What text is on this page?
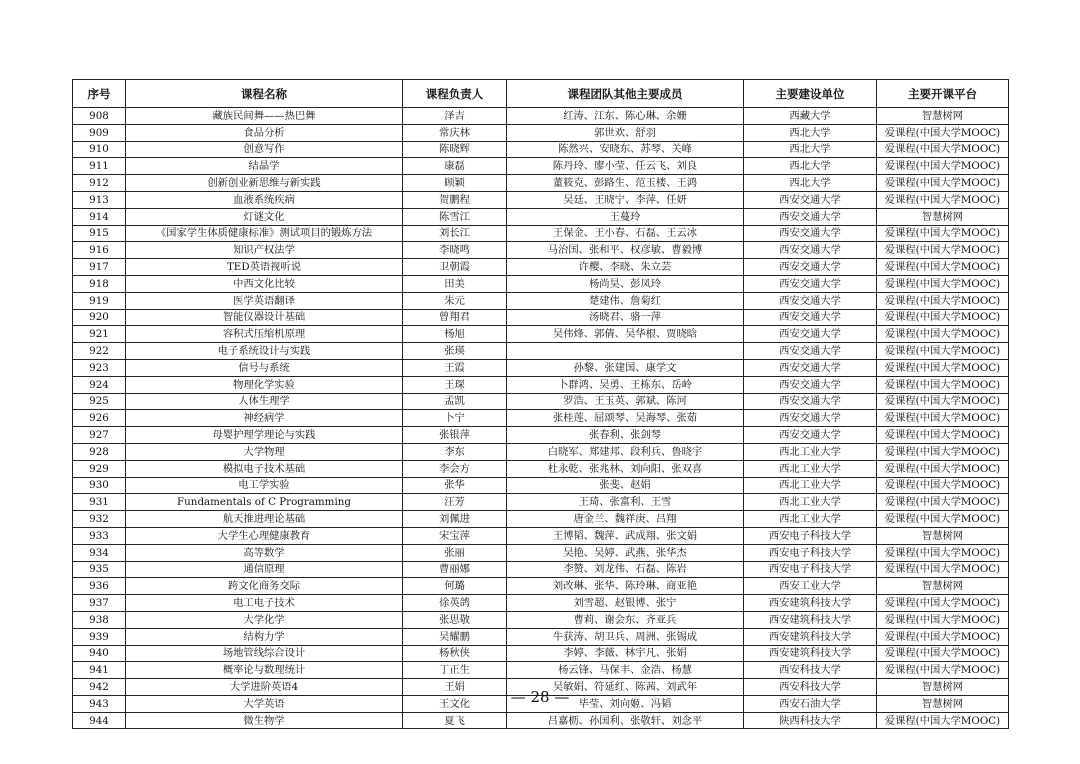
序号	课程名称	课程负责人	课程团队其他主要成员	主要建设单位	主要开课平台
908	藏族民间舞——热巴舞	泽吉	红涛、江东、陈心琳、余姗	西藏大学	智慧树网
909	食品分析	常庆林	郭世欢、舒羽	西北大学	爱课程(中国大学MOOC)
910	创意写作	陈晓辉	陈然兴、安晓东、苏琴、关峰	西北大学	爱课程(中国大学MOOC)
911	结晶学	康磊	陈丹玲、廖小莹、任云飞、刘良	西北大学	爱课程(中国大学MOOC)
912	创新创业新思维与新实践	顾颖	董筱克、彭路生、范玉楼、王鸿	西北大学	爱课程(中国大学MOOC)
913	血液系统疾病	贺鹏程	吴廷、王晓宁、李萍、任妍	西安交通大学	爱课程(中国大学MOOC)
914	灯谜文化	陈雪江	王蔓玲	西安交通大学	智慧树网
915	《国家学生体质健康标准》测试项目的锻炼方法	刘长江	王保金、王小春、石磊、王云冰	西安交通大学	爱课程(中国大学MOOC)
916	知识产权法学	李晓鸣	马治国、张和平、权彦敏、曹毅博	西安交通大学	爱课程(中国大学MOOC)
917	TED英语视听说	卫朝霞	许樱、李晓、朱立芸	西安交通大学	爱课程(中国大学MOOC)
918	中西文化比较	田美	杨尚昊、彭凤玲	西安交通大学	爱课程(中国大学MOOC)
919	医学英语翻译	朱元	楚建伟、詹菊红	西安交通大学	爱课程(中国大学MOOC)
920	智能仪器设计基础	曾翔君	汤晓君、骆一萍	西安交通大学	爱课程(中国大学MOOC)
921	容积式压缩机原理	杨旭	吴伟烽、郭倩、吴华根、贾晓晗	西安交通大学	爱课程(中国大学MOOC)
922	电子系统设计与实践	张瑛		西安交通大学	爱课程(中国大学MOOC)
923	信号与系统	王霞	孙黎、张建国、康学文	西安交通大学	爱课程(中国大学MOOC)
924	物理化学实验	王琛	卜群鸿、吴勇、王栋东、岳岭	西安交通大学	爱课程(中国大学MOOC)
925	人体生理学	孟凯	罗浩、王玉英、郭斌、陈河	西安交通大学	爱课程(中国大学MOOC)
926	神经病学	卜宁	张桂莲、屈颂琴、吴海琴、张茹	西安交通大学	爱课程(中国大学MOOC)
927	母婴护理学理论与实践	张银萍	张春利、张剑琴	西安交通大学	爱课程(中国大学MOOC)
928	大学物理	李东	白晓军、郑建邦、段利兵、鲁晓宇	西北工业大学	爱课程(中国大学MOOC)
929	模拟电子技术基础	李会方	杜永乾、张兆林、刘向阳、张双喜	西北工业大学	爱课程(中国大学MOOC)
930	电工学实验	张华	张斐、赵娟	西北工业大学	爱课程(中国大学MOOC)
931	Fundamentals of C Programming	汪芳	王琦、张富利、王雪	西北工业大学	爱课程(中国大学MOOC)
932	航天推进理论基础	刘佩进	唐金兰、魏祥庚、吕翔	西北工业大学	爱课程(中国大学MOOC)
933	大学生心理健康教育	宋宝萍	王博韬、魏萍、武成翔、张文娟	西安电子科技大学	智慧树网
934	高等数学	张丽	吴艳、吴婷、武燕、张华杰	西安电子科技大学	爱课程(中国大学MOOC)
935	通信原理	曹丽娜	李赞、刘龙伟、石磊、陈岩	西安电子科技大学	爱课程(中国大学MOOC)
936	跨文化商务交际	何璐	刘改琳、张华、陈玲琳、商亚艳	西安工业大学	智慧树网
937	电工电子技术	徐英鸽	刘雪超、赵银博、张宁	西安建筑科技大学	爱课程(中国大学MOOC)
938	大学化学	张思敬	曹莉、谢会东、齐亚兵	西安建筑科技大学	爱课程(中国大学MOOC)
939	结构力学	吴耀鹏	牛获涛、胡卫兵、周洲、张锡成	西安建筑科技大学	爱课程(中国大学MOOC)
940	场地管线综合设计	杨秋侠	李婷、李薇、林宇凡、张娟	西安建筑科技大学	爱课程(中国大学MOOC)
941	概率论与数理统计	丁正生	杨云锋、马保丰、金浩、杨慧	西安科技大学	爱课程(中国大学MOOC)
942	大学进阶英语4	王娟	吴敏娟、符延红、陈茜、刘武年	西安科技大学	智慧树网
943	大学英语	王文化	毕莹、刘向姬、冯韬	西安石油大学	智慧树网
944	微生物学	夏飞	吕嘉枥、孙国利、张敬轩、刘念平	陕西科技大学	爱课程(中国大学MOOC)
— 28 —
